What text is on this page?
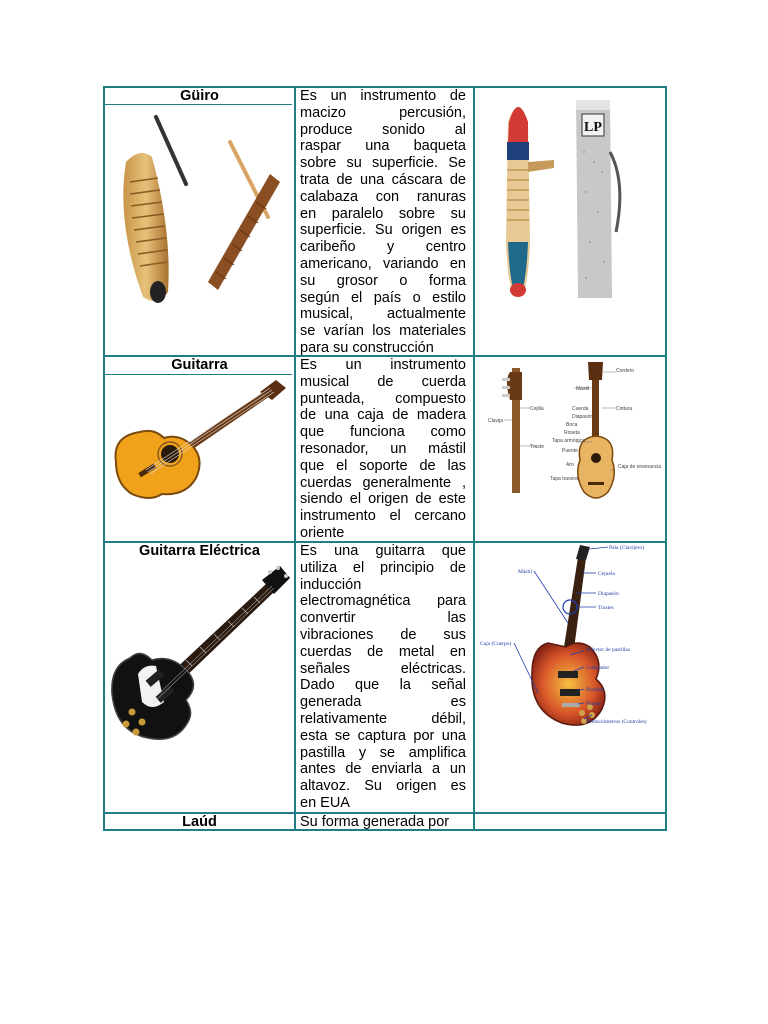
Güiro	Es un instrumento de
macizo percusión,
produce sonido al
raspar una baqueta
sobre su superficie. Se
trata de una cáscara de
calabaza con ranuras
en paralelo sobre su
superficie. Su origen es
caribeño y centro
americano, variando en
su grosor o forma
según el país o estilo
musical, actualmente
se varían los materiales
para su construcción
LP
Guitarra	Es un instrumento
musical de cuerda
punteada, compuesto
de una caja de madera
que funciona como
resonador, un mástil
que el soporte de las
cuerdas generalmente ,
siendo el origen de este
instrumento el cercano
oriente
Clavija
Cejilla
Mástil
Cuerda
Diapasón
Traste
Boca
Roseta
Tapa armónica
Puente
Aro
Tapa trasera
Cintura
Caja de resonancia
Cordero
Guitarra Eléctrica	Es una guitarra que
utiliza el principio de
inducción
electromagnética para
convertir las
vibraciones de sus
cuerdas de metal en
señales eléctricas.
Dado que la señal
generada es
relativamente débil,
esta se captura por una
pastilla y se amplifica
antes de enviarla a un
altavoz. Su origen es
en EUA
Pala (Clavijero)
Mástil	Cejuela
Diapasón
Trastes
Caja (Cuerpo)
Selector de pastillas
Golpeador
Pastillas
Puente
Potenciómetros (Controles)
Laúd	Su forma generada por
